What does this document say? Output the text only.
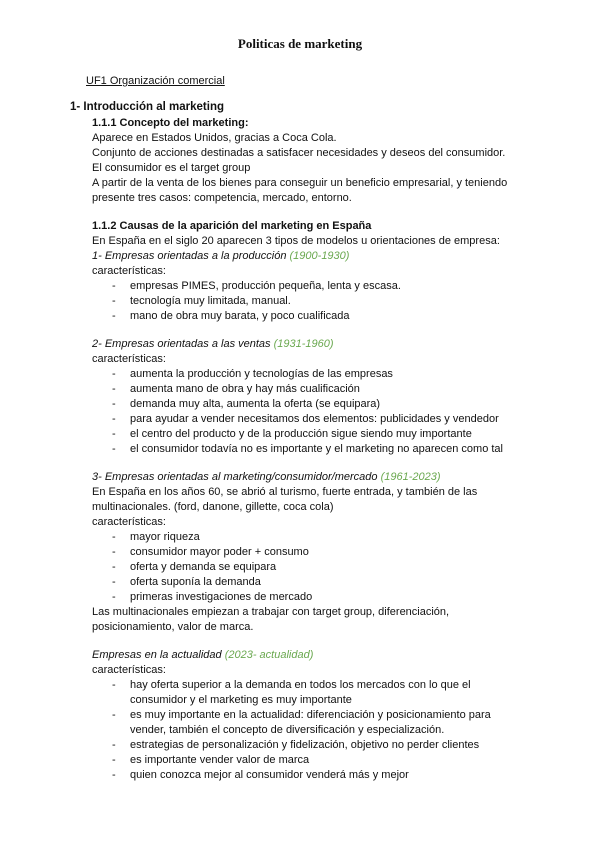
Politicas de marketing
UF1 Organización comercial
1- Introducción al marketing
1.1.1 Concepto del marketing:
Aparece en Estados Unidos, gracias a Coca Cola.
Conjunto de acciones destinadas a satisfacer necesidades y deseos del consumidor.
El consumidor es el target group
A partir de la venta de los bienes para conseguir un beneficio empresarial, y teniendo
presente tres casos: competencia, mercado, entorno.
1.1.2 Causas de la aparición del marketing en España
En España en el siglo 20 aparecen 3 tipos de modelos u orientaciones de empresa:
1- Empresas orientadas a la producción (1900-1930)
características:
- empresas PIMES, producción pequeña, lenta y escasa.
- tecnología muy limitada, manual.
- mano de obra muy barata, y poco cualificada
2- Empresas orientadas a las ventas (1931-1960)
características:
- aumenta la producción y tecnologías de las empresas
- aumenta mano de obra y hay más cualificación
- demanda muy alta, aumenta la oferta (se equipara)
- para ayudar a vender necesitamos dos elementos: publicidades y vendedor
- el centro del producto y de la producción sigue siendo muy importante
- el consumidor todavía no es importante y el marketing no aparecen como tal
3- Empresas orientadas al marketing/consumidor/mercado (1961-2023)
En España en los años 60, se abrió al turismo, fuerte entrada, y también de las
multinacionales. (ford, danone, gillette, coca cola)
características:
- mayor riqueza
- consumidor mayor poder + consumo
- oferta y demanda se equipara
- oferta suponía la demanda
- primeras investigaciones de mercado
Las multinacionales empiezan a trabajar con target group, diferenciación,
posicionamiento, valor de marca.
Empresas en la actualidad (2023- actualidad)
características:
- hay oferta superior a la demanda en todos los mercados con lo que el
consumidor y el marketing es muy importante
- es muy importante en la actualidad: diferenciación y posicionamiento para
vender, también el concepto de diversificación y especialización.
- estrategias de personalización y fidelización, objetivo no perder clientes
- es importante vender valor de marca
- quien conozca mejor al consumidor venderá más y mejor
